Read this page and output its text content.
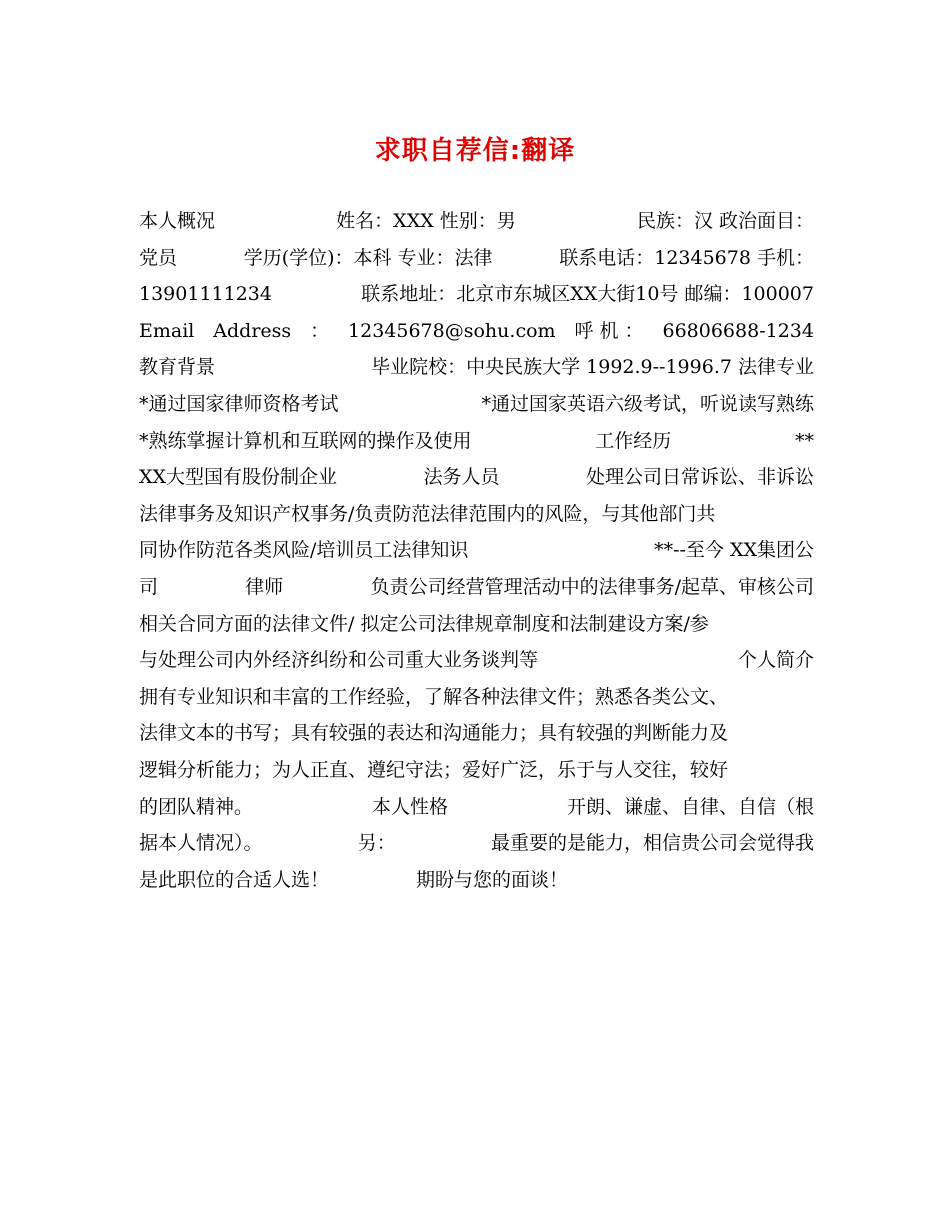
求职自荐信:翻译
本人概况	姓名：XXX 性别：男	民族：汉 政治面目：
党员	学历(学位)：本科 专业：法律	联系电话：12345678 手机：
13901111234	联系地址：北京市东城区XX大街10号 邮编：100007
Email Address ： 12345678@sohu.com 呼 机 ： 66806688-1234
教育背景	毕业院校：中央民族大学 1992.9--1996.7 法律专业
*通过国家律师资格考试	*通过国家英语六级考试，听说读写熟练
*熟练掌握计算机和互联网的操作及使用	工作经历	**
XX大型国有股份制企业	法务人员	处理公司日常诉讼、非诉讼
法律事务及知识产权事务/负责防范法律范围内的风险，与其他部门共
同协作防范各类风险/培训员工法律知识	**--至今 XX集团公
司	律师	负责公司经营管理活动中的法律事务/起草、审核公司
相关合同方面的法律文件/ 拟定公司法律规章制度和法制建设方案/参
与处理公司内外经济纠纷和公司重大业务谈判等	个人简介
拥有专业知识和丰富的工作经验，了解各种法律文件；熟悉各类公文、
法律文本的书写；具有较强的表达和沟通能力；具有较强的判断能力及
逻辑分析能力；为人正直、遵纪守法；爱好广泛，乐于与人交往，较好
的团队精神。	本人性格	开朗、谦虚、自律、自信（根
据本人情况）。	另：	最重要的是能力，相信贵公司会觉得我
是此职位的合适人选！	期盼与您的面谈！
